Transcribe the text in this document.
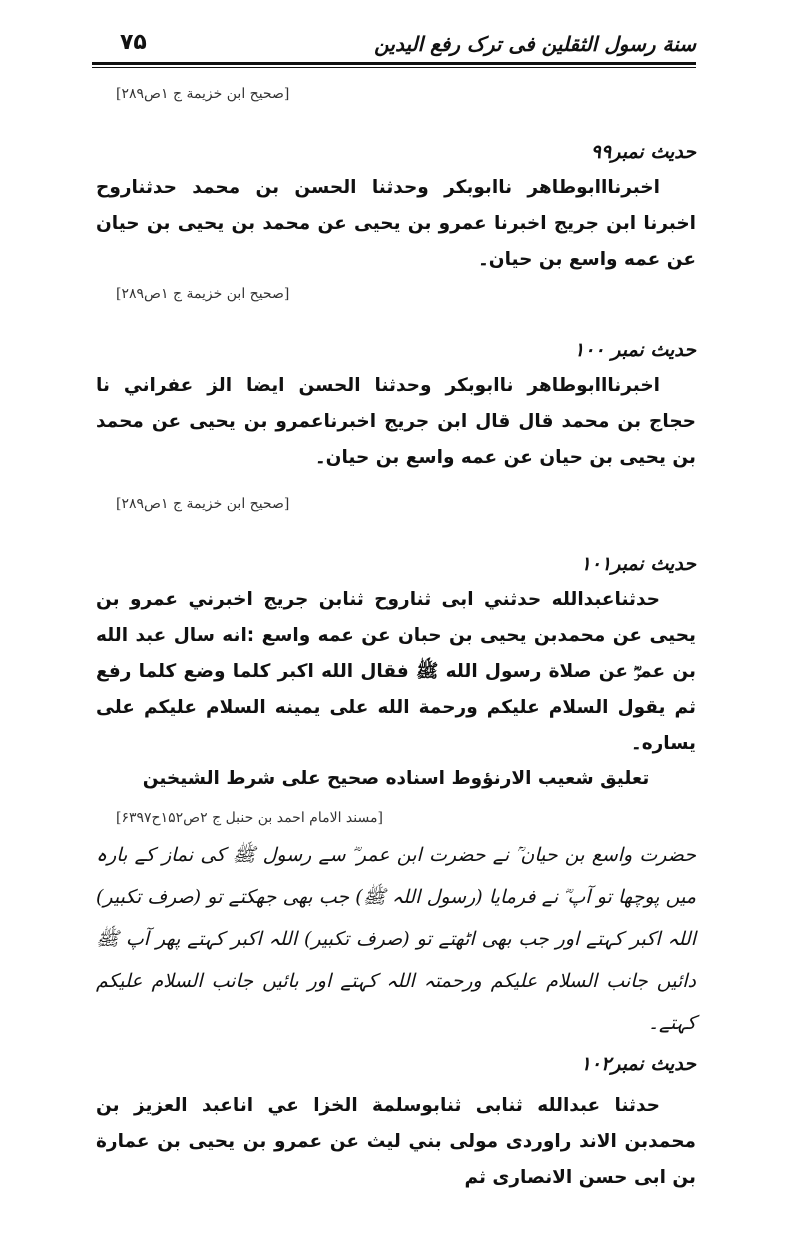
سنة رسول الثقلین فی ترک رفع الیدین
۷۵
[صحیح ابن خزیمة ج ۱ص۲۸۹]
حدیث نمبر۹۹
اخبرنااابوطاهر ناابوبكر وحدثنا الحسن بن محمد حدثناروح اخبرنا ابن جريج اخبرنا عمرو بن يحيى عن محمد بن يحيى بن حيان عن عمه واسع بن حيان۔
[صحیح ابن خزیمة ج ۱ص۲۸۹]
حدیث نمبر ۱۰۰
اخبرنااابوطاهر ناابوبكر وحدثنا الحسن ايضا الز عفراني نا حجاج بن محمد قال قال ابن جريج اخبرناعمرو بن يحيى عن محمد بن يحيى بن حيان عن عمه واسع بن حيان۔
[صحیح ابن خزیمة ج ۱ص۲۸۹]
حدیث نمبر۱۰۱
حدثناعبدالله حدثني ابى ثناروح ثنابن جريج اخبرني عمرو بن يحيى عن محمدبن يحيى بن حبان عن عمه واسع :انه سال عبد الله بن عمرؓ عن صلاة رسول الله ﷺ فقال الله اكبر كلما وضع كلما رفع ثم يقول السلام عليكم ورحمة الله على يمينه السلام عليكم على يساره۔
تعليق شعيب الارنؤوط اسناده صحيح على شرط الشيخين
[مسند الامام احمد بن حنبل ج ۲ص۱۵۲ح۶۳۹۷]
حضرت واسع بن حیان ؒ نے حضرت ابن عمر ؓ سے رسول ﷺ کی نماز کے بارہ میں پوچھا تو آپ ؓ نے فرمایا (رسول اللہ ﷺ) جب بھی جھکتے تو (صرف تکبیر) اللہ اکبر کہتے اور جب بھی اٹھتے تو (صرف تکبیر) اللہ اکبر کہتے پھر آپ ﷺ دائیں جانب السلام علیکم ورحمتہ اللہ کہتے اور بائیں جانب السلام علیکم کہتے۔
حدیث نمبر۱۰۲
حدثنا عبدالله ثنابى ثنابوسلمة الخزا عي اناعبد العزيز بن محمدبن الاند راوردى مولى بني ليث عن عمرو بن يحيى بن عمارة بن ابى حسن الانصارى ثم
